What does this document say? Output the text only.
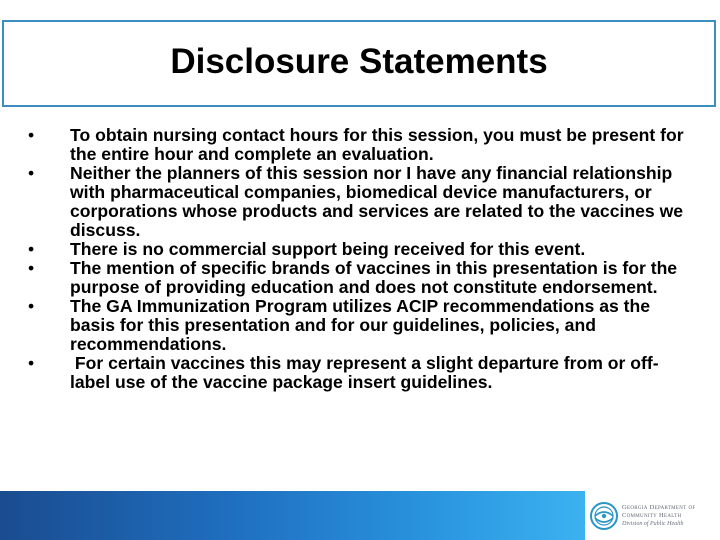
Disclosure Statements
•	To obtain nursing contact hours for this session, you must be present for the entire hour and complete an evaluation.
•	Neither the planners of this session nor I have any financial relationship with pharmaceutical companies, biomedical device manufacturers, or corporations whose products and services are related to the vaccines we discuss.
•	There is no commercial support being received for this event.
•	The mention of specific brands of vaccines in this presentation is for the purpose of providing education and does not constitute endorsement.
•	The GA Immunization Program utilizes ACIP recommendations as the basis for this presentation and for our guidelines, policies, and recommendations.
•	For certain vaccines this may represent a slight departure from or off-label use of the vaccine package insert guidelines.
Georgia Department of
Community Health
Division of Public Health
